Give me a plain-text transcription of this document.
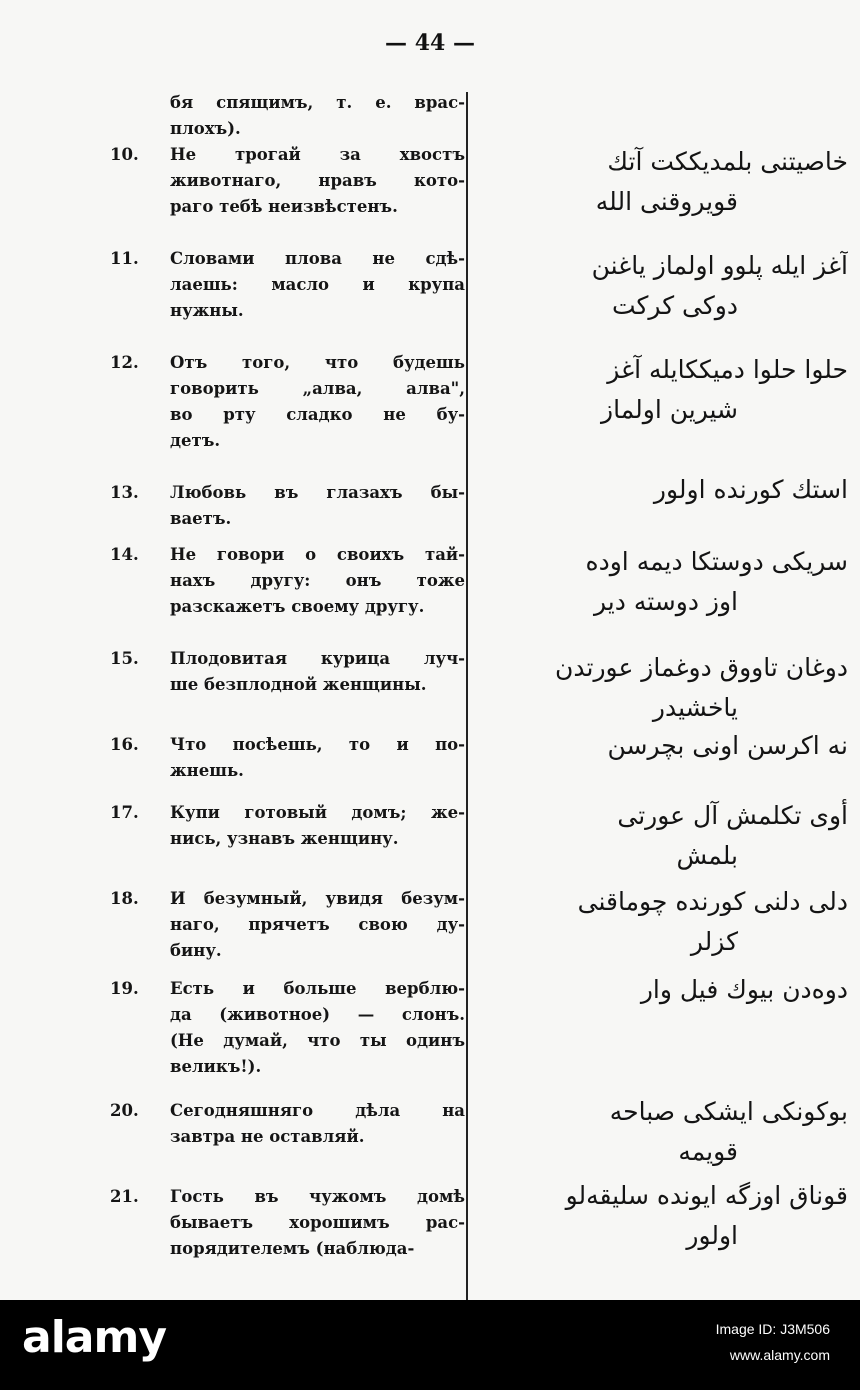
— 44 —
бя спящимъ, т. е. врас-
плохъ).
10. Не трогай за хвостъ
животнаго, нравъ кото-
раго тебѣ неизвѣстенъ.
خاصيتنى بلمديككت آتك
قويروقنى الله
11. Словами плова не сдѣ-
лаешь: масло и крупа
нужны.
آغز ايله پلوو اولماز ياغنن
دوكى كركت
12. Отъ того, что будешь
говорить „алва, алва",
во рту сладко не бу-
детъ.
حلوا حلوا دميككايله آغز
شيرين اولماز
13. Любовь въ глазахъ бы-
ваетъ.
استك كورنده اولور
14. Не говори о своихъ тай-
нахъ другу: онъ тоже
разскажетъ своему другу.
سريكى دوستكا ديمه اوده
اوز دوسته دير
15. Плодовитая курица луч-
ше безплодной женщины.
دوغان تاووق دوغماز عورتدن
ياخشيدر
16. Что посѣешь, то и по-
жнешь.
نه اكرسن اونى بچرسن
17. Купи готовый домъ; же-
нись, узнавъ женщину.
أوى تكلمش آل عورتى
بلمش
18. И безумный, увидя безум-
наго, прячетъ свою ду-
бину.
دلى دلنى كورنده چوماقنى
كزلر
19. Есть и больше верблю-
да (животное) — слонъ.
(Не думай, что ты одинъ
великъ!).
دوەدن بيوك فيل وار
20. Сегодняшняго дѣла на
завтра не оставляй.
بوكونكى ايشكى صباحه
قويمه
21. Гость въ чужомъ домѣ
бываетъ хорошимъ рас-
порядителемъ (наблюда-
قوناق اوزگه ايونده سليقه‌لو
اولور
alamy	Image ID: J3M506
www.alamy.com
